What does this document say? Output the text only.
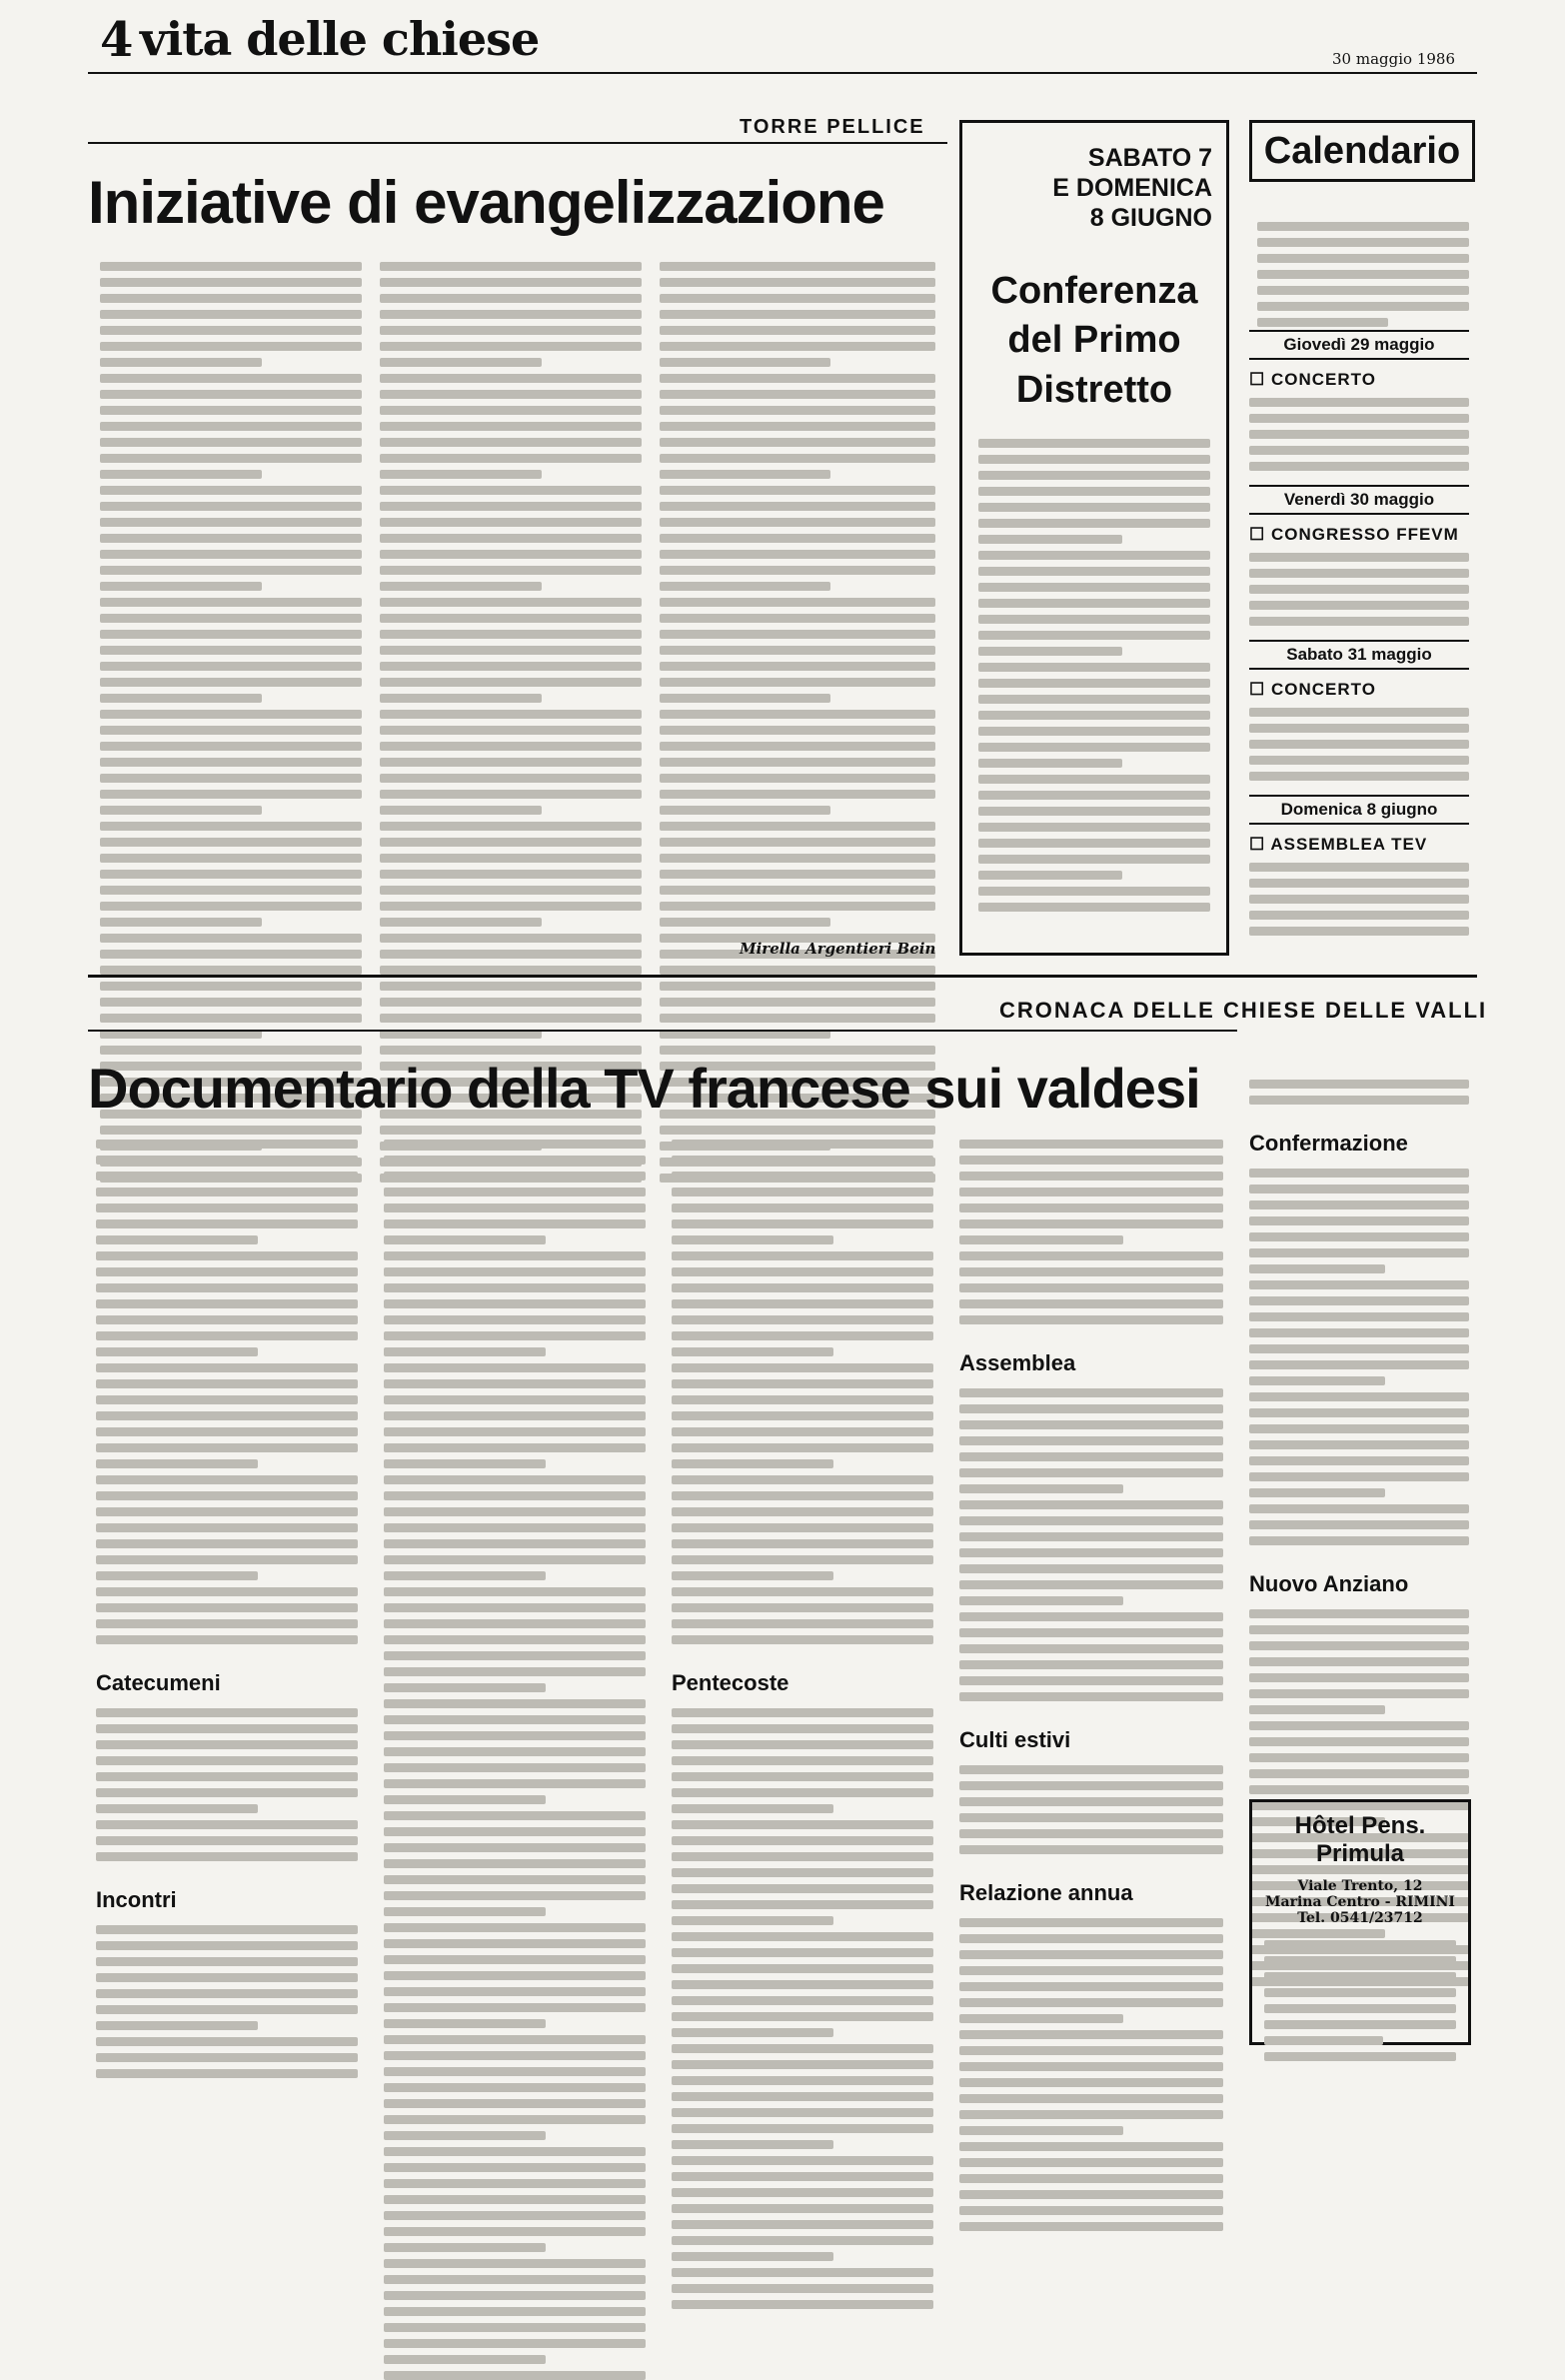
4 vita delle chiese	30 maggio 1986
TORRE PELLICE
Iniziative di evangelizzazione
Mirella Argentieri Bein
SABATO 7
E DOMENICA
8 GIUGNO
Conferenza
del Primo
Distretto
Calendario
Giovedì 29 maggio
☐ CONCERTO
Venerdì 30 maggio
☐ CONGRESSO FFEVM
Sabato 31 maggio
☐ CONCERTO
Domenica 8 giugno
☐ ASSEMBLEA TEV
CRONACA DELLE CHIESE DELLE VALLI
Documentario della TV francese sui valdesi
Catecumeni
Incontri
Pentecoste
Assemblea
Culti estivi
Relazione annua
Confermazione
Nuovo Anziano
Hôtel Pens. Primula
Viale Trento, 12
Marina Centro - RIMINI
Tel. 0541/23712
